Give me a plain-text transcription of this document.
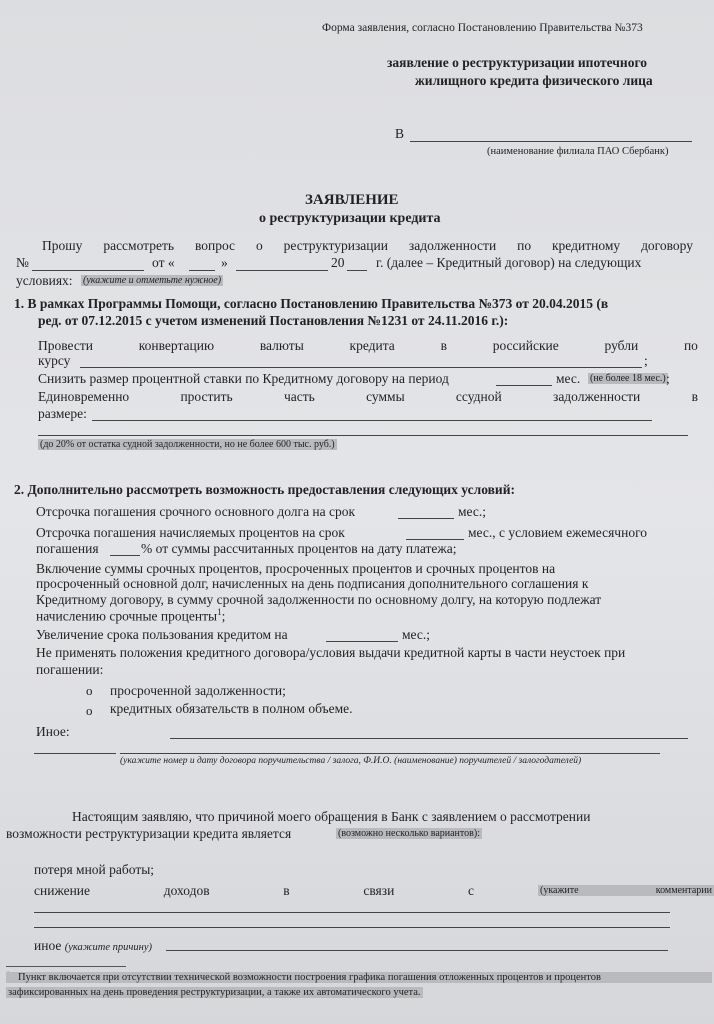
Форма заявления, согласно Постановлению Правительства №373
заявление о реструктуризации ипотечного
жилищного кредита физического лица
В
(наименование филиала ПАО Сбербанк)
ЗАЯВЛЕНИЕ
о реструктуризации кредита
Прошу рассмотреть вопрос о реструктуризации задолженности по кредитному договору
№	от «	»	20 г. (далее – Кредитный договор) на следующих
условиях: (укажите и отметьте нужное)
1. В рамках Программы Помощи, согласно Постановлению Правительства №373 от 20.04.2015 (в
ред. от 07.12.2015 с учетом изменений Постановления №1231 от 24.11.2016 г.):
Провести	конвертацию	валюты	кредита	в	российские	рубли	по
курсу	;
Снизить размер процентной ставки по Кредитному договору на период	мес. (не более 18 мес.) ;
Единовременно	простить	часть	суммы	ссудной	задолженности	в
размере:
(до 20% от остатка судной задолженности, но не более 600 тыс. руб.)
2. Дополнительно рассмотреть возможность предоставления следующих условий:
Отсрочка погашения срочного основного долга на срок	мес.;
Отсрочка погашения начисляемых процентов на срок	мес., с условием ежемесячного
погашения	% от суммы рассчитанных процентов на дату платежа;
Включение суммы срочных процентов, просроченных процентов и срочных процентов на
просроченный основной долг, начисленных на день подписания дополнительного соглашения к
Кредитному договору, в сумму срочной задолженности по основному долгу, на которую подлежат
начислению срочные проценты$^1$;
Увеличение срока пользования кредитом на	мес.;
Не применять положения кредитного договора/условия выдачи кредитной карты в части неустоек при
погашении:
o просроченной задолженности;
o кредитных обязательств в полном объеме.
Иное:
(укажите номер и дату договора поручительства / залога, Ф.И.О. (наименование) поручителей / залогодателей)
Настоящим заявляю, что причиной моего обращения в Банк с заявлением о рассмотрении
возможности реструктуризации кредита является	(возможно несколько вариантов):
потеря мной работы;
снижение	доходов	в	связи	с	(укажите	комментарии
иное (укажите причину)
Пункт включается при отсутствии технической возможности построения графика погашения отложенных процентов и процентов
зафиксированных на день проведения реструктуризации, а также их автоматического учета.
